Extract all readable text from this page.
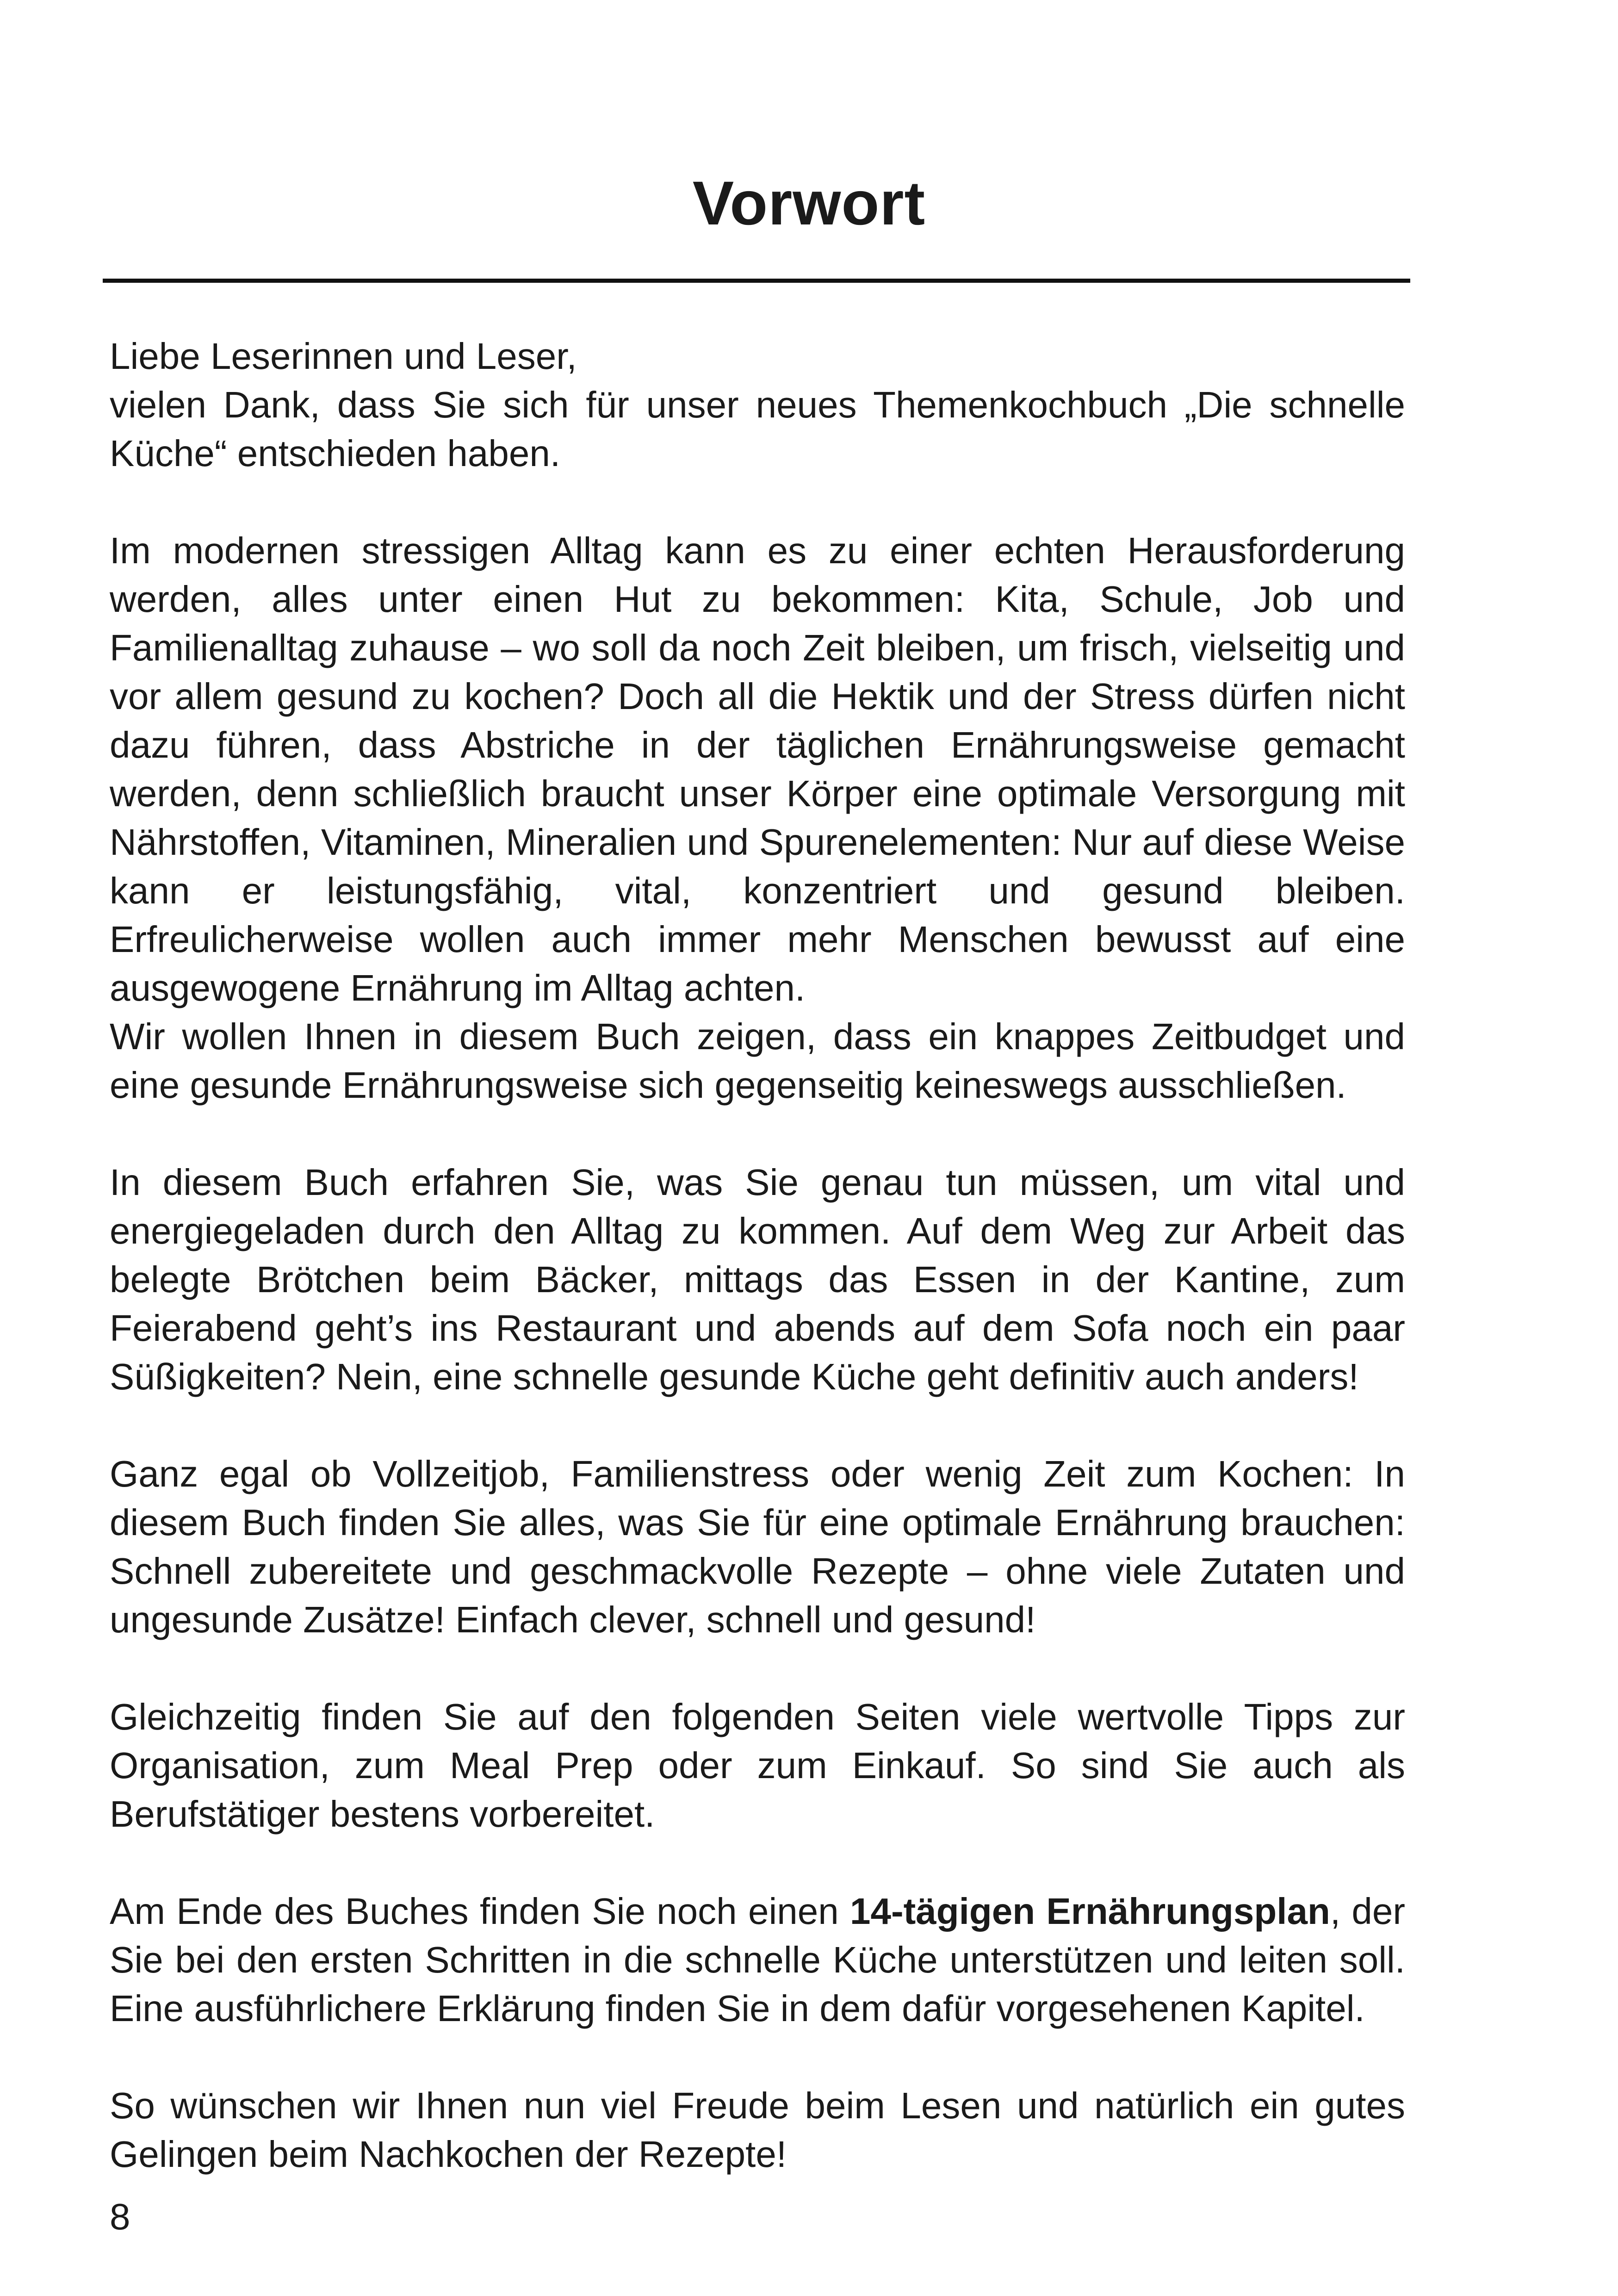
Vorwort

Liebe Leserinnen und Leser,
vielen Dank, dass Sie sich für unser neues Themenkochbuch „Die schnelle Küche“ entschieden haben.

Im modernen stressigen Alltag kann es zu einer echten Herausforderung werden, alles unter einen Hut zu bekommen: Kita, Schule, Job und Familienalltag zuhause – wo soll da noch Zeit bleiben, um frisch, vielseitig und vor allem gesund zu kochen? Doch all die Hektik und der Stress dürfen nicht dazu führen, dass Abstriche in der täglichen Ernährungsweise gemacht werden, denn schließlich braucht unser Körper eine optimale Versorgung mit Nährstoffen, Vitaminen, Mineralien und Spurenelementen: Nur auf diese Weise kann er leistungsfähig, vital, konzentriert und gesund bleiben. Erfreulicherweise wollen auch immer mehr Menschen bewusst auf eine ausgewogene Ernährung im Alltag achten.
Wir wollen Ihnen in diesem Buch zeigen, dass ein knappes Zeitbudget und eine gesunde Ernährungsweise sich gegenseitig keineswegs ausschließen.

In diesem Buch erfahren Sie, was Sie genau tun müssen, um vital und energiegeladen durch den Alltag zu kommen. Auf dem Weg zur Arbeit das belegte Brötchen beim Bäcker, mittags das Essen in der Kantine, zum Feierabend geht’s ins Restaurant und abends auf dem Sofa noch ein paar Süßigkeiten? Nein, eine schnelle gesunde Küche geht definitiv auch anders!

Ganz egal ob Vollzeitjob, Familienstress oder wenig Zeit zum Kochen: In diesem Buch finden Sie alles, was Sie für eine optimale Ernährung brauchen: Schnell zubereitete und geschmackvolle Rezepte – ohne viele Zutaten und ungesunde Zusätze! Einfach clever, schnell und gesund!

Gleichzeitig finden Sie auf den folgenden Seiten viele wertvolle Tipps zur Organisation, zum Meal Prep oder zum Einkauf. So sind Sie auch als Berufstätiger bestens vorbereitet.

Am Ende des Buches finden Sie noch einen 14-tägigen Ernährungsplan, der Sie bei den ersten Schritten in die schnelle Küche unterstützen und leiten soll. Eine ausführlichere Erklärung finden Sie in dem dafür vorgesehenen Kapitel.

So wünschen wir Ihnen nun viel Freude beim Lesen und natürlich ein gutes Gelingen beim Nachkochen der Rezepte!

8
